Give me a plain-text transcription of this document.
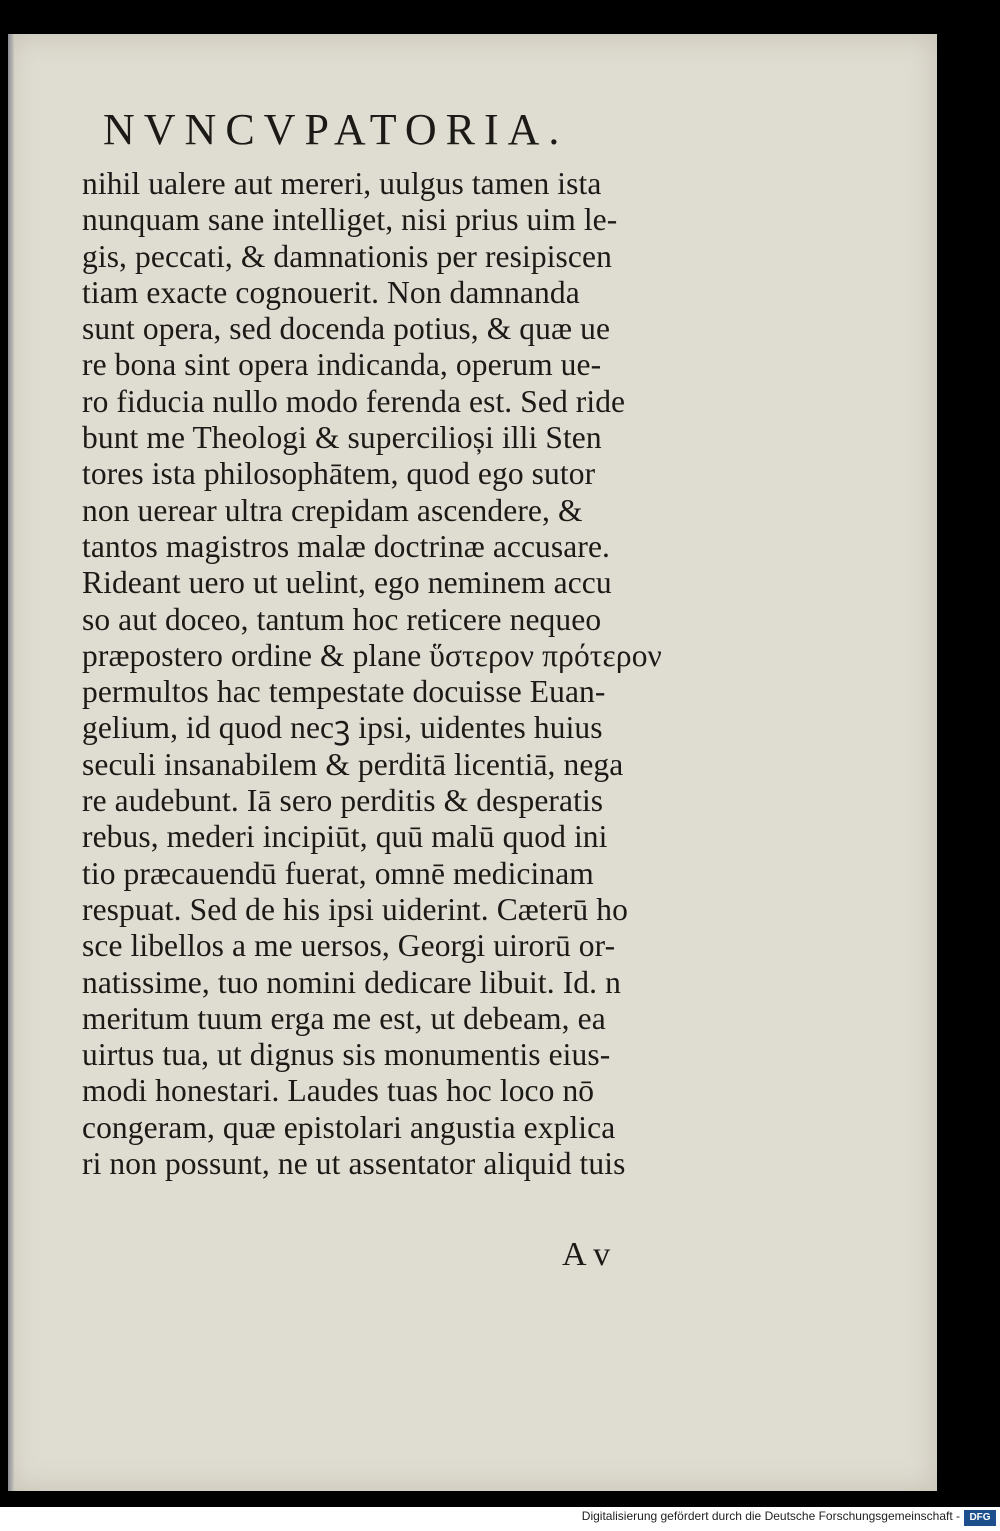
NVNCVPATORIA.
nihil ualere aut mereri, uulgus tamen ista
nunquam sane intelliget, nisi prius uim le-
gis, peccati, & damnationis per resipiscen
tiam exacte cognouerit. Non damnanda
sunt opera, sed docenda potius, & quæ ue
re bona sint opera indicanda, operum ue-
ro fiducia nullo modo ferenda est. Sed ride
bunt me Theologi & supercilioși illi Sten
tores ista philosophātem, quod ego sutor
non uerear ultra crepidam ascendere, &
tantos magistros malæ doctrinæ accusare.
Rideant uero ut uelint, ego neminem accu
so aut doceo, tantum hoc reticere nequeo
præpostero ordine & plane ὕστερον πρότερον
permultos hac tempestate docuisse Euan-
gelium, id quod necꝫ ipsi, uidentes huius
seculi insanabilem & perditā licentiā, nega
re audebunt. Iā sero perditis & desperatis
rebus, mederi incipiūt, quū malū quod ini
tio præcauendū fuerat, omnē medicinam
respuat. Sed de his ipsi uiderint. Cæterū ho
sce libellos a me uersos, Georgi uirorū or-
natissime, tuo nomini dedicare libuit. Id. n
meritum tuum erga me est, ut debeam, ea
uirtus tua, ut dignus sis monumentis eius-
modi honestari. Laudes tuas hoc loco nō
congeram, quæ epistolari angustia explica
ri non possunt, ne ut assentator aliquid tuis
A v
Digitalisierung gefördert durch die Deutsche Forschungsgemeinschaft - DFG
